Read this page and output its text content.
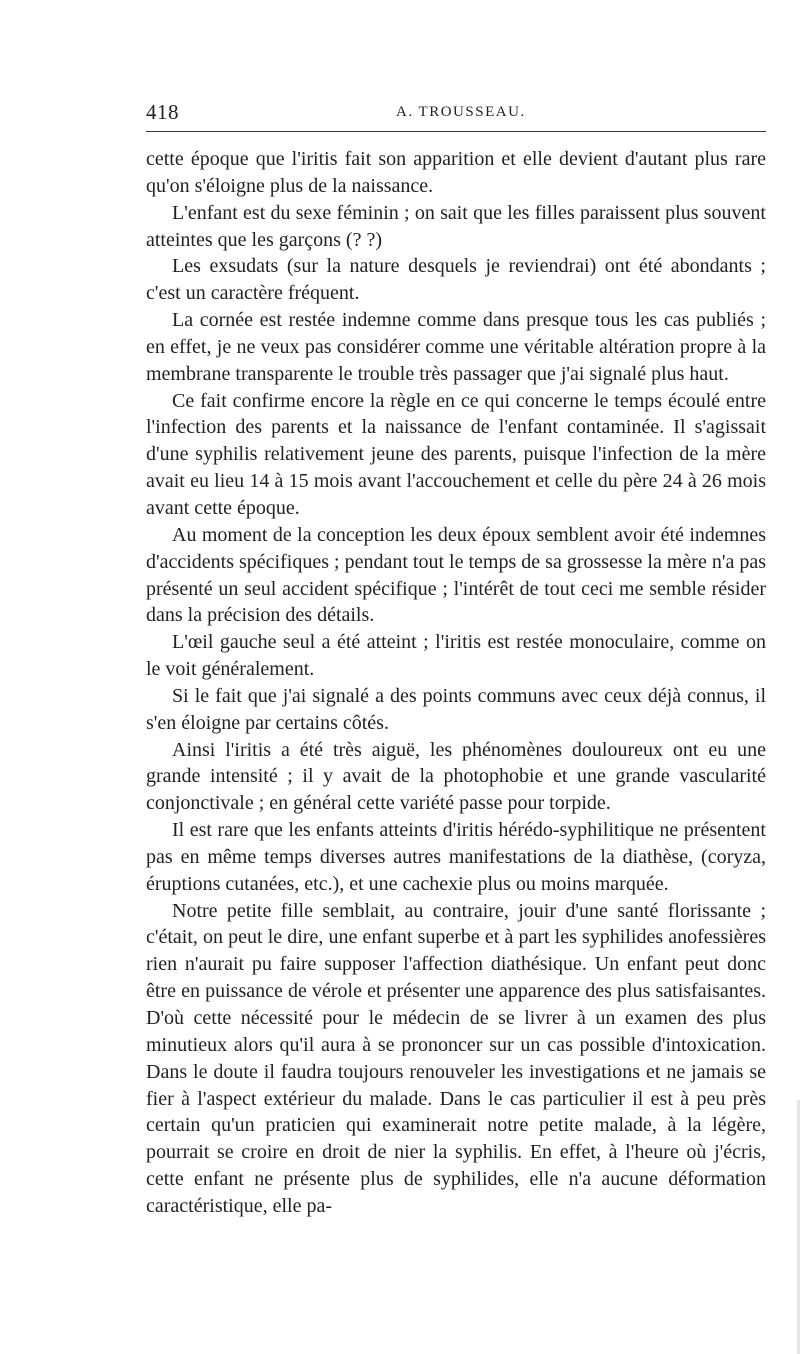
418	A. TROUSSEAU.

cette époque que l'iritis fait son apparition et elle devient d'autant plus rare qu'on s'éloigne plus de la naissance.

L'enfant est du sexe féminin ; on sait que les filles paraissent plus souvent atteintes que les garçons (? ?)

Les exsudats (sur la nature desquels je reviendrai) ont été abondants ; c'est un caractère fréquent.

La cornée est restée indemne comme dans presque tous les cas publiés ; en effet, je ne veux pas considérer comme une véritable altération propre à la membrane transparente le trouble très passager que j'ai signalé plus haut.

Ce fait confirme encore la règle en ce qui concerne le temps écoulé entre l'infection des parents et la naissance de l'enfant contaminée. Il s'agissait d'une syphilis relativement jeune des parents, puisque l'infection de la mère avait eu lieu 14 à 15 mois avant l'accouchement et celle du père 24 à 26 mois avant cette époque.

Au moment de la conception les deux époux semblent avoir été indemnes d'accidents spécifiques ; pendant tout le temps de sa grossesse la mère n'a pas présenté un seul accident spécifique ; l'intérêt de tout ceci me semble résider dans la précision des détails.

L'œil gauche seul a été atteint ; l'iritis est restée monoculaire, comme on le voit généralement.

Si le fait que j'ai signalé a des points communs avec ceux déjà connus, il s'en éloigne par certains côtés.

Ainsi l'iritis a été très aiguë, les phénomènes douloureux ont eu une grande intensité ; il y avait de la photophobie et une grande vascularité conjonctivale ; en général cette variété passe pour torpide.

Il est rare que les enfants atteints d'iritis hérédo-syphilitique ne présentent pas en même temps diverses autres manifestations de la diathèse, (coryza, éruptions cutanées, etc.), et une cachexie plus ou moins marquée.

Notre petite fille semblait, au contraire, jouir d'une santé florissante ; c'était, on peut le dire, une enfant superbe et à part les syphilides anofessières rien n'aurait pu faire supposer l'affection diathésique. Un enfant peut donc être en puissance de vérole et présenter une apparence des plus satisfaisantes. D'où cette nécessité pour le médecin de se livrer à un examen des plus minutieux alors qu'il aura à se prononcer sur un cas possible d'intoxication. Dans le doute il faudra toujours renouveler les investigations et ne jamais se fier à l'aspect extérieur du malade. Dans le cas particulier il est à peu près certain qu'un praticien qui examinerait notre petite malade, à la légère, pourrait se croire en droit de nier la syphilis. En effet, à l'heure où j'écris, cette enfant ne présente plus de syphilides, elle n'a aucune déformation caractéristique, elle pa-
